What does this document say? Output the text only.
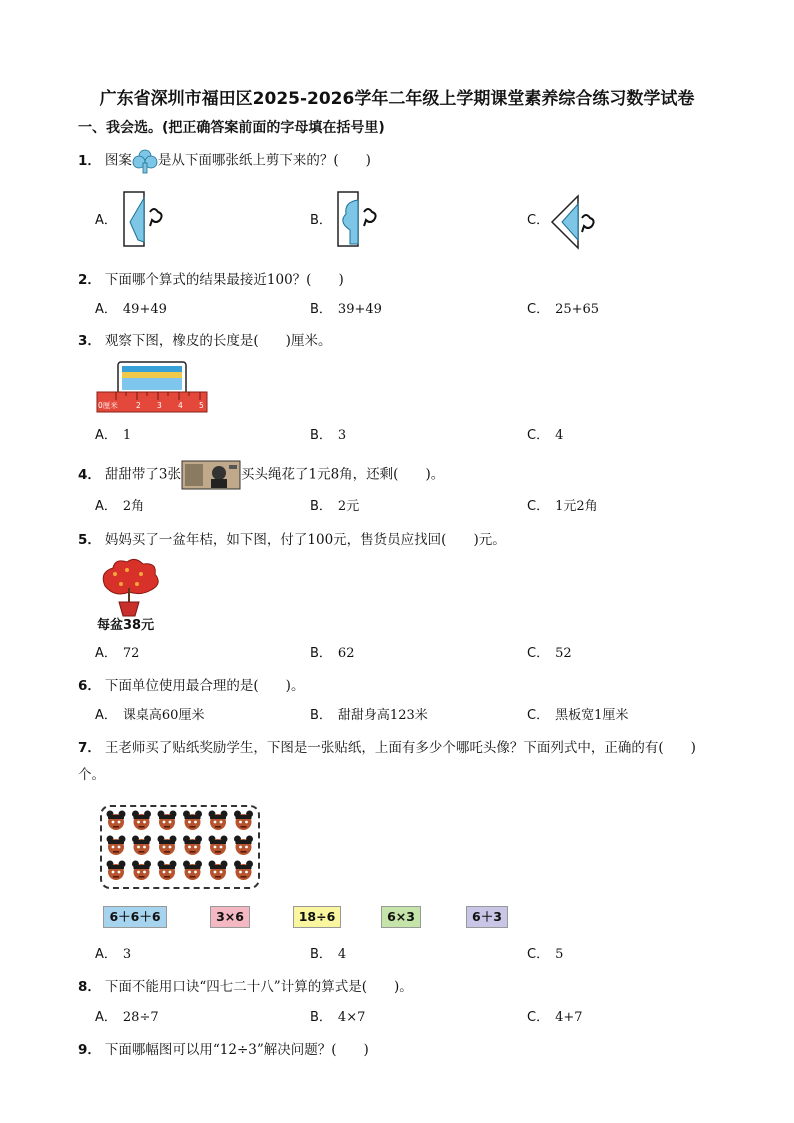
广东省深圳市福田区2025-2026学年二年级上学期课堂素养综合练习数学试卷
一、我会选。(把正确答案前面的字母填在括号里)
1． 图案 是从下面哪张纸上剪下来的？(　　)
A．	B．	C．
2． 下面哪个算式的结果最接近100？(　　)
A． 49+49	B． 39+49	C． 25+65
3． 观察下图，橡皮的长度是(　　)厘米。
0厘米 2 3 4 5
A． 1	B． 3	C． 4
4． 甜甜带了3张	买头绳花了1元8角，还剩(　　)。
A． 2角	B． 2元	C． 1元2角
5． 妈妈买了一盆年桔，如下图，付了100元，售货员应找回(　　)元。
每盆38元
A． 72	B． 62	C． 52
6． 下面单位使用最合理的是(　　)。
A． 课桌高60厘米	B． 甜甜身高123米	C． 黑板宽1厘米
7． 王老师买了贴纸奖励学生，下图是一张贴纸，上面有多少个哪吒头像？下面列式中，正确的有(　　)
个。
6＋6＋6	3×6	18÷6	6×3	6＋3
A． 3	B． 4	C． 5
8． 下面不能用口诀“四七二十八”计算的算式是(　　)。
A． 28÷7	B． 4×7	C． 4+7
9． 下面哪幅图可以用“12÷3”解决问题？(　　)
